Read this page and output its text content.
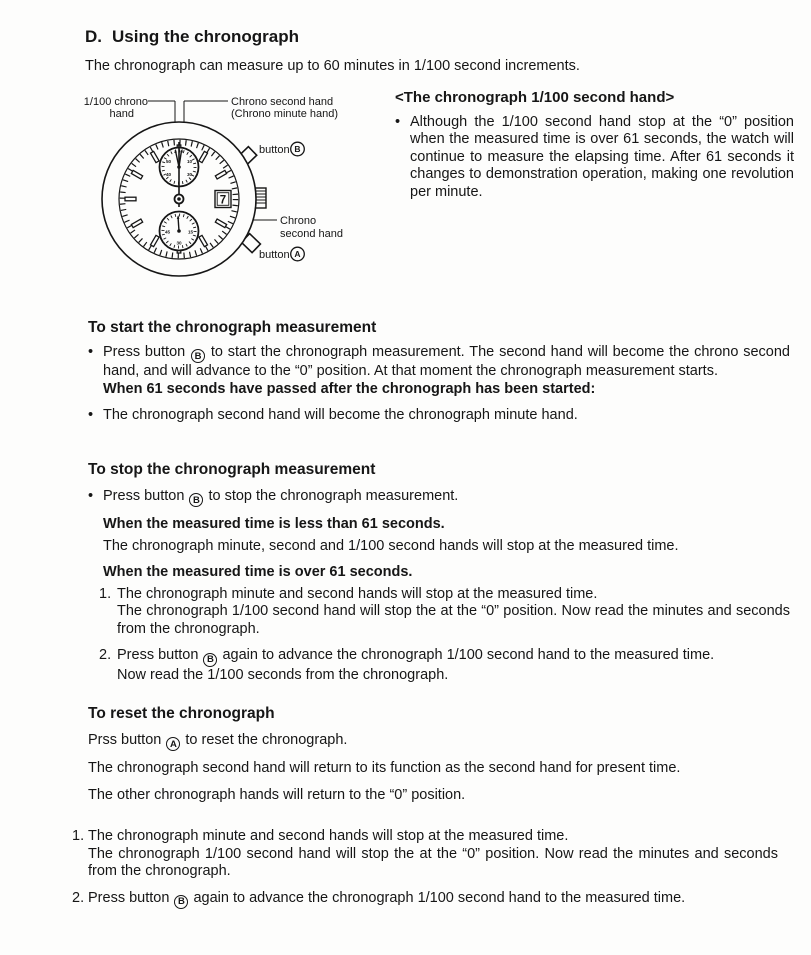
D. Using the chronograph
The chronograph can measure up to 60 minutes in 1/100 second increments.
10
30
40
50
15
30
45
7
1/100 chrono
hand
Chrono second hand
(Chrono minute hand)
button B
Chrono
second hand
button A
<The chronograph 1/100 second hand>
• Although the 1/100 second hand stop at the “0” position when the measured time is over 61 seconds, the watch will continue to measure the elapsing time. After 61 seconds it changes to demonstration operation, making one revolution per minute.
To start the chronograph measurement
• Press button B to start the chronograph measurement. The second hand will become the chrono second hand, and will advance to the “0” position. At that moment the chronograph measurement starts.
When 61 seconds have passed after the chronograph has been started:
• The chronograph second hand will become the chronograph minute hand.
To stop the chronograph measurement
• Press button B to stop the chronograph measurement.
When the measured time is less than 61 seconds.
The chronograph minute, second and 1/100 second hands will stop at the measured time.
When the measured time is over 61 seconds.
1. The chronograph minute and second hands will stop at the measured time.
The chronograph 1/100 second hand will stop the at the “0” position. Now read the minutes and seconds from the chronograph.
2. Press button B again to advance the chronograph 1/100 second hand to the measured time.
Now read the 1/100 seconds from the chronograph.
To reset the chronograph
Prss button A to reset the chronograph.
The chronograph second hand will return to its function as the second hand for present time.
The other chronograph hands will return to the “0” position.
1. The chronograph minute and second hands will stop at the measured time.
The chronograph 1/100 second hand will stop the at the “0” position. Now read the minutes and seconds from the chronograph.
2. Press button B again to advance the chronograph 1/100 second hand to the measured time.
